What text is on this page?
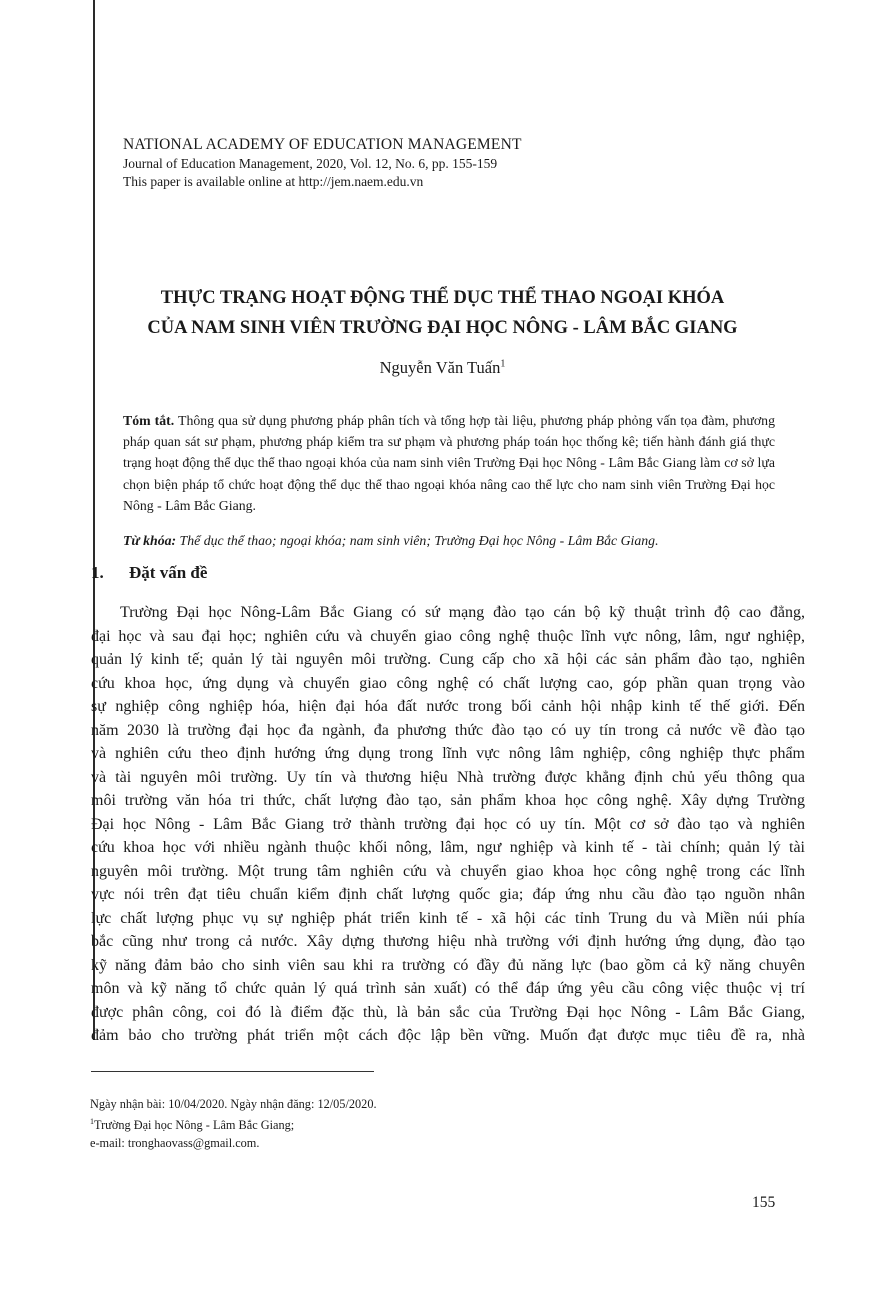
NATIONAL ACADEMY OF EDUCATION MANAGEMENT
Journal of Education Management, 2020, Vol. 12, No. 6, pp. 155-159
This paper is available online at http://jem.naem.edu.vn
THỰC TRẠNG HOẠT ĐỘNG THỂ DỤC THỂ THAO NGOẠI KHÓA
CỦA NAM SINH VIÊN TRƯỜNG ĐẠI HỌC NÔNG - LÂM BẮC GIANG
Nguyễn Văn Tuấn$^1$
Tóm tắt. Thông qua sử dụng phương pháp phân tích và tổng hợp tài liệu, phương pháp phỏng vấn tọa đàm, phương pháp quan sát sư phạm, phương pháp kiểm tra sư phạm và phương pháp toán học thống kê; tiến hành đánh giá thực trạng hoạt động thể dục thể thao ngoại khóa của nam sinh viên Trường Đại học Nông - Lâm Bắc Giang làm cơ sở lựa chọn biện pháp tổ chức hoạt động thể dục thể thao ngoại khóa nâng cao thể lực cho nam sinh viên Trường Đại học Nông - Lâm Bắc Giang.
Từ khóa: Thể dục thể thao; ngoại khóa; nam sinh viên; Trường Đại học Nông - Lâm Bắc Giang.
1. Đặt vấn đề
Trường Đại học Nông-Lâm Bắc Giang có sứ mạng đào tạo cán bộ kỹ thuật trình độ cao đẳng,
đại học và sau đại học; nghiên cứu và chuyển giao công nghệ thuộc lĩnh vực nông, lâm, ngư nghiệp,
quản lý kinh tế; quản lý tài nguyên môi trường. Cung cấp cho xã hội các sản phẩm đào tạo, nghiên
cứu khoa học, ứng dụng và chuyển giao công nghệ có chất lượng cao, góp phần quan trọng vào
sự nghiệp công nghiệp hóa, hiện đại hóa đất nước trong bối cảnh hội nhập kinh tế thế giới. Đến
năm 2030 là trường đại học đa ngành, đa phương thức đào tạo có uy tín trong cả nước về đào tạo
và nghiên cứu theo định hướng ứng dụng trong lĩnh vực nông lâm nghiệp, công nghiệp thực phẩm
và tài nguyên môi trường. Uy tín và thương hiệu Nhà trường được khẳng định chủ yếu thông qua
môi trường văn hóa tri thức, chất lượng đào tạo, sản phẩm khoa học công nghệ. Xây dựng Trường
Đại học Nông - Lâm Bắc Giang trở thành trường đại học có uy tín. Một cơ sở đào tạo và nghiên
cứu khoa học với nhiều ngành thuộc khối nông, lâm, ngư nghiệp và kinh tế - tài chính; quản lý tài
nguyên môi trường. Một trung tâm nghiên cứu và chuyển giao khoa học công nghệ trong các lĩnh
vực nói trên đạt tiêu chuẩn kiểm định chất lượng quốc gia; đáp ứng nhu cầu đào tạo nguồn nhân
lực chất lượng phục vụ sự nghiệp phát triển kinh tế - xã hội các tỉnh Trung du và Miền núi phía
bắc cũng như trong cả nước. Xây dựng thương hiệu nhà trường với định hướng ứng dụng, đào tạo
kỹ năng đảm bảo cho sinh viên sau khi ra trường có đầy đủ năng lực (bao gồm cả kỹ năng chuyên
môn và kỹ năng tổ chức quản lý quá trình sản xuất) có thể đáp ứng yêu cầu công việc thuộc vị trí
được phân công, coi đó là điểm đặc thù, là bản sắc của Trường Đại học Nông - Lâm Bắc Giang,
đảm bảo cho trường phát triển một cách độc lập bền vững. Muốn đạt được mục tiêu đề ra, nhà
Ngày nhận bài: 10/04/2020. Ngày nhận đăng: 12/05/2020.
$^1$Trường Đại học Nông - Lâm Bắc Giang;
e-mail: tronghaovass@gmail.com.
155
